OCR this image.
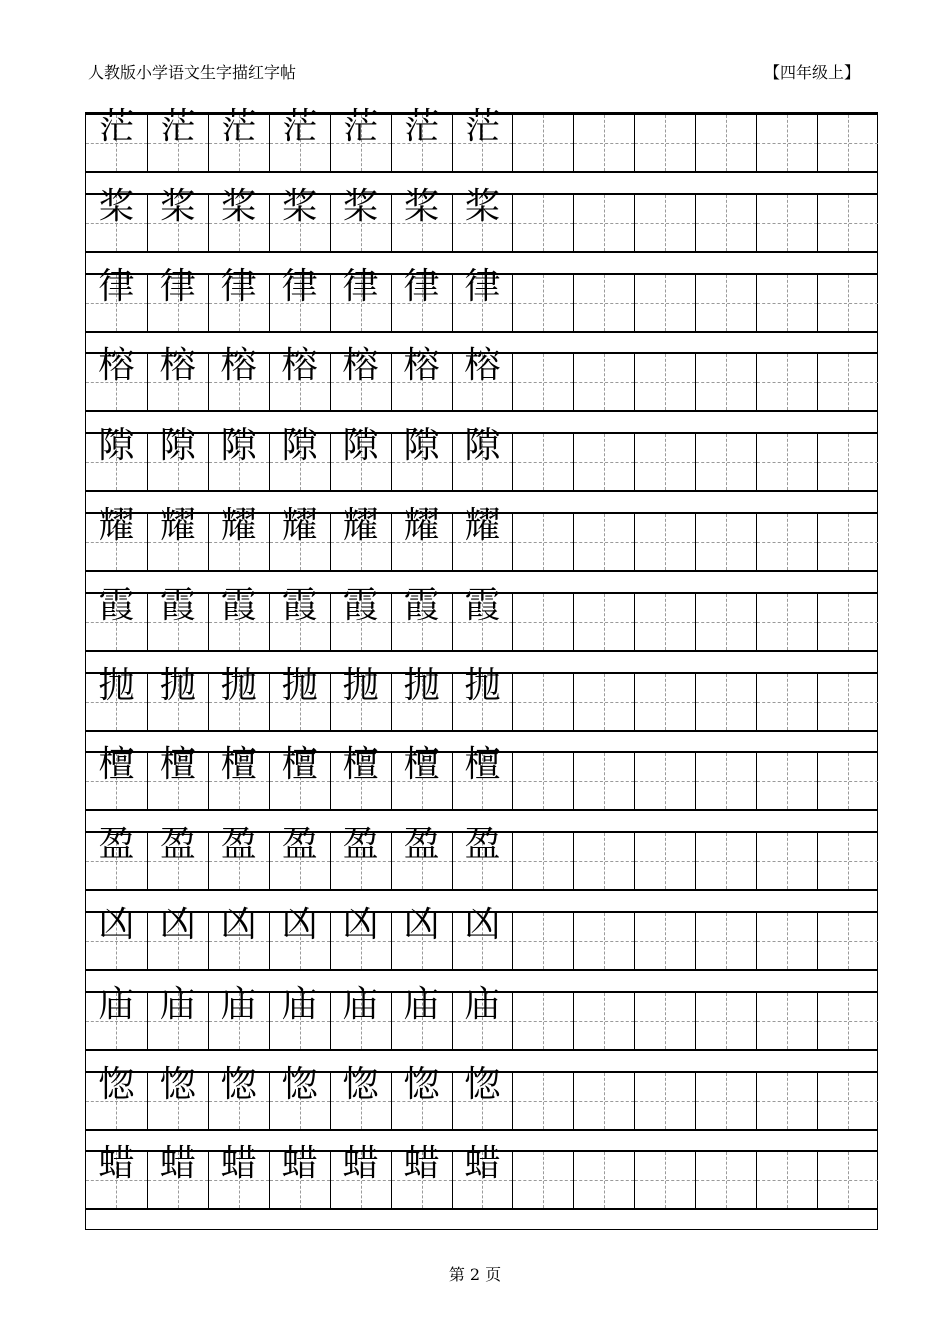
人教版小学语文生字描红字帖	【四年级上】
茫 茫 茫 茫 茫 茫 茫
桨 桨 桨 桨 桨 桨 桨
律 律 律 律 律 律 律
榕 榕 榕 榕 榕 榕 榕
隙 隙 隙 隙 隙 隙 隙
耀 耀 耀 耀 耀 耀 耀
霞 霞 霞 霞 霞 霞 霞
抛 抛 抛 抛 抛 抛 抛
檀 檀 檀 檀 檀 檀 檀
盈 盈 盈 盈 盈 盈 盈
凶 凶 凶 凶 凶 凶 凶
庙 庙 庙 庙 庙 庙 庙
惚 惚 惚 惚 惚 惚 惚
蜡 蜡 蜡 蜡 蜡 蜡 蜡
第 2 页
